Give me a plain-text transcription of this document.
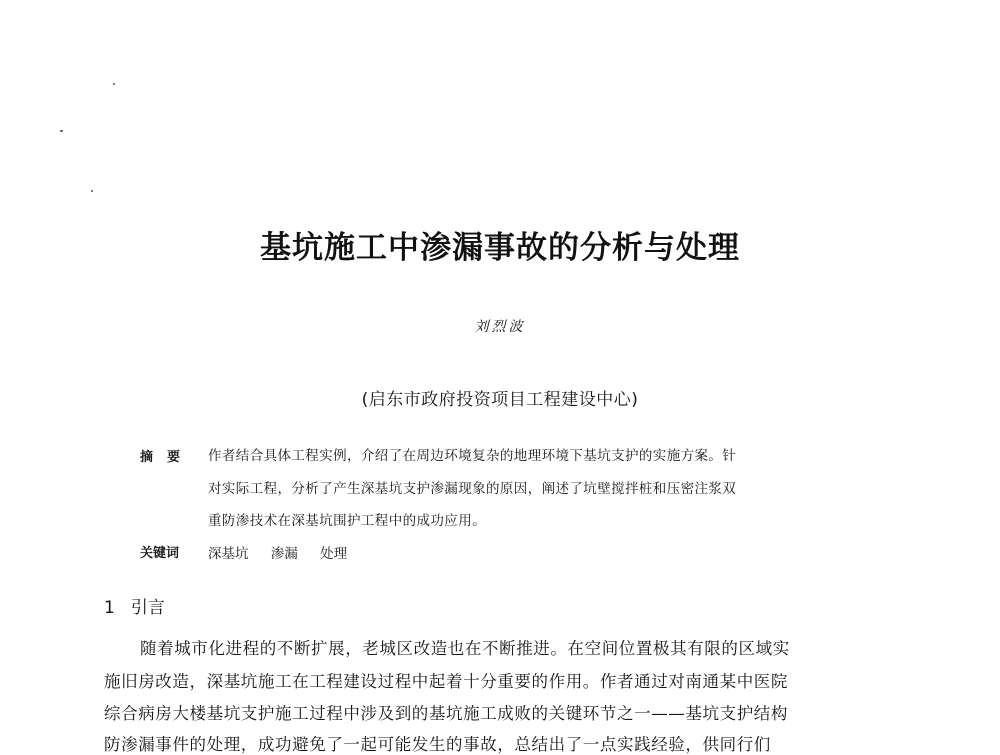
基坑施工中渗漏事故的分析与处理
刘烈波
(启东市政府投资项目工程建设中心)
摘要 作者结合具体工程实例，介绍了在周边环境复杂的地理环境下基坑支护的实施方案。针
对实际工程，分析了产生深基坑支护渗漏现象的原因，阐述了坑壁搅拌桩和压密注浆双
重防渗技术在深基坑围护工程中的成功应用。
关键词 深基坑 渗漏 处理
1 引言
随着城市化进程的不断扩展，老城区改造也在不断推进。在空间位置极其有限的区域实
施旧房改造，深基坑施工在工程建设过程中起着十分重要的作用。作者通过对南通某中医院
综合病房大楼基坑支护施工过程中涉及到的基坑施工成败的关键环节之一——基坑支护结构
防渗漏事件的处理，成功避免了一起可能发生的事故，总结出了一点实践经验，供同行们
